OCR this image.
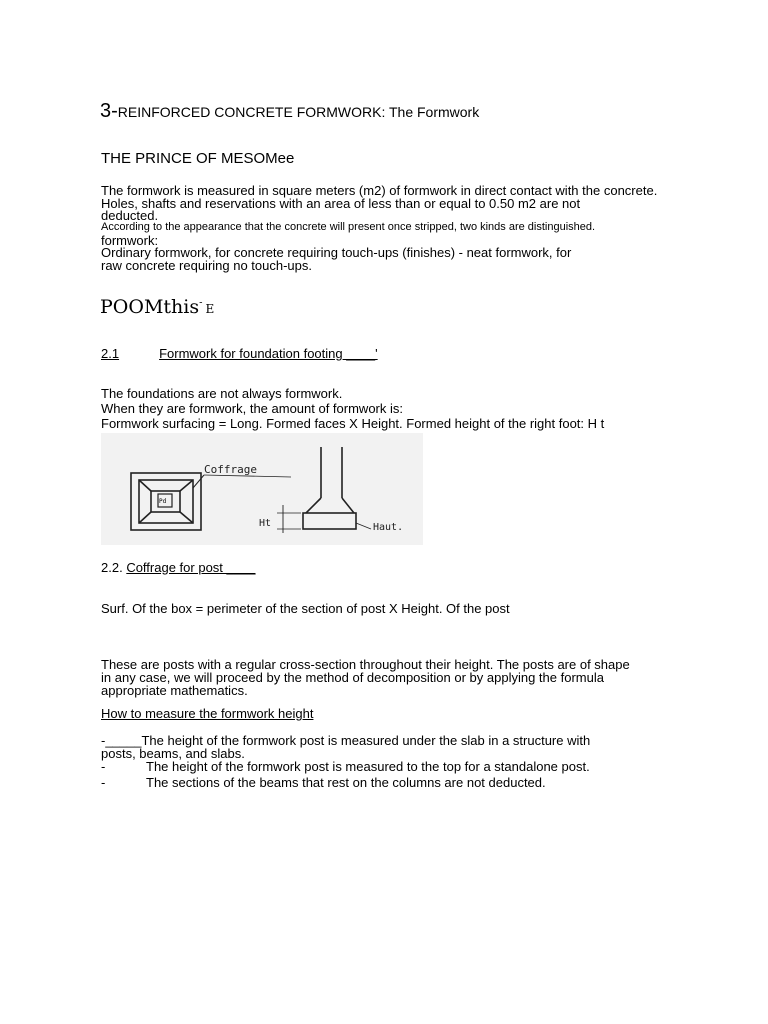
3-REINFORCED CONCRETE FORMWORK: The Formwork
THE PRINCE OF MESOMee
The formwork is measured in square meters (m2) of formwork in direct contact with the concrete.
Holes, shafts and reservations with an area of less than or equal to 0.50 m2 are not
deducted.
According to the appearance that the concrete will present once stripped, two kinds are distinguished.
formwork:
Ordinary formwork, for concrete requiring touch-ups (finishes) - neat formwork, for
raw concrete requiring no touch-ups.
POOMthis- E
2.1	Formwork for foundation footing ____'
The foundations are not always formwork.
When they are formwork, the amount of formwork is:
Formwork surfacing = Long. Formed faces X Height. Formed height of the right foot: H t
Pd
Coffrage
Ht	Haut.
2.2. Coffrage for post ____
Surf. Of the box = perimeter of the section of post X Height. Of the post
These are posts with a regular cross-section throughout their height. The posts are of shape
in any case, we will proceed by the method of decomposition or by applying the formula
appropriate mathematics.
How to measure the formwork height
-_____The height of the formwork post is measured under the slab in a structure with
posts, beams, and slabs.
-	The height of the formwork post is measured to the top for a standalone post.
-	The sections of the beams that rest on the columns are not deducted.
